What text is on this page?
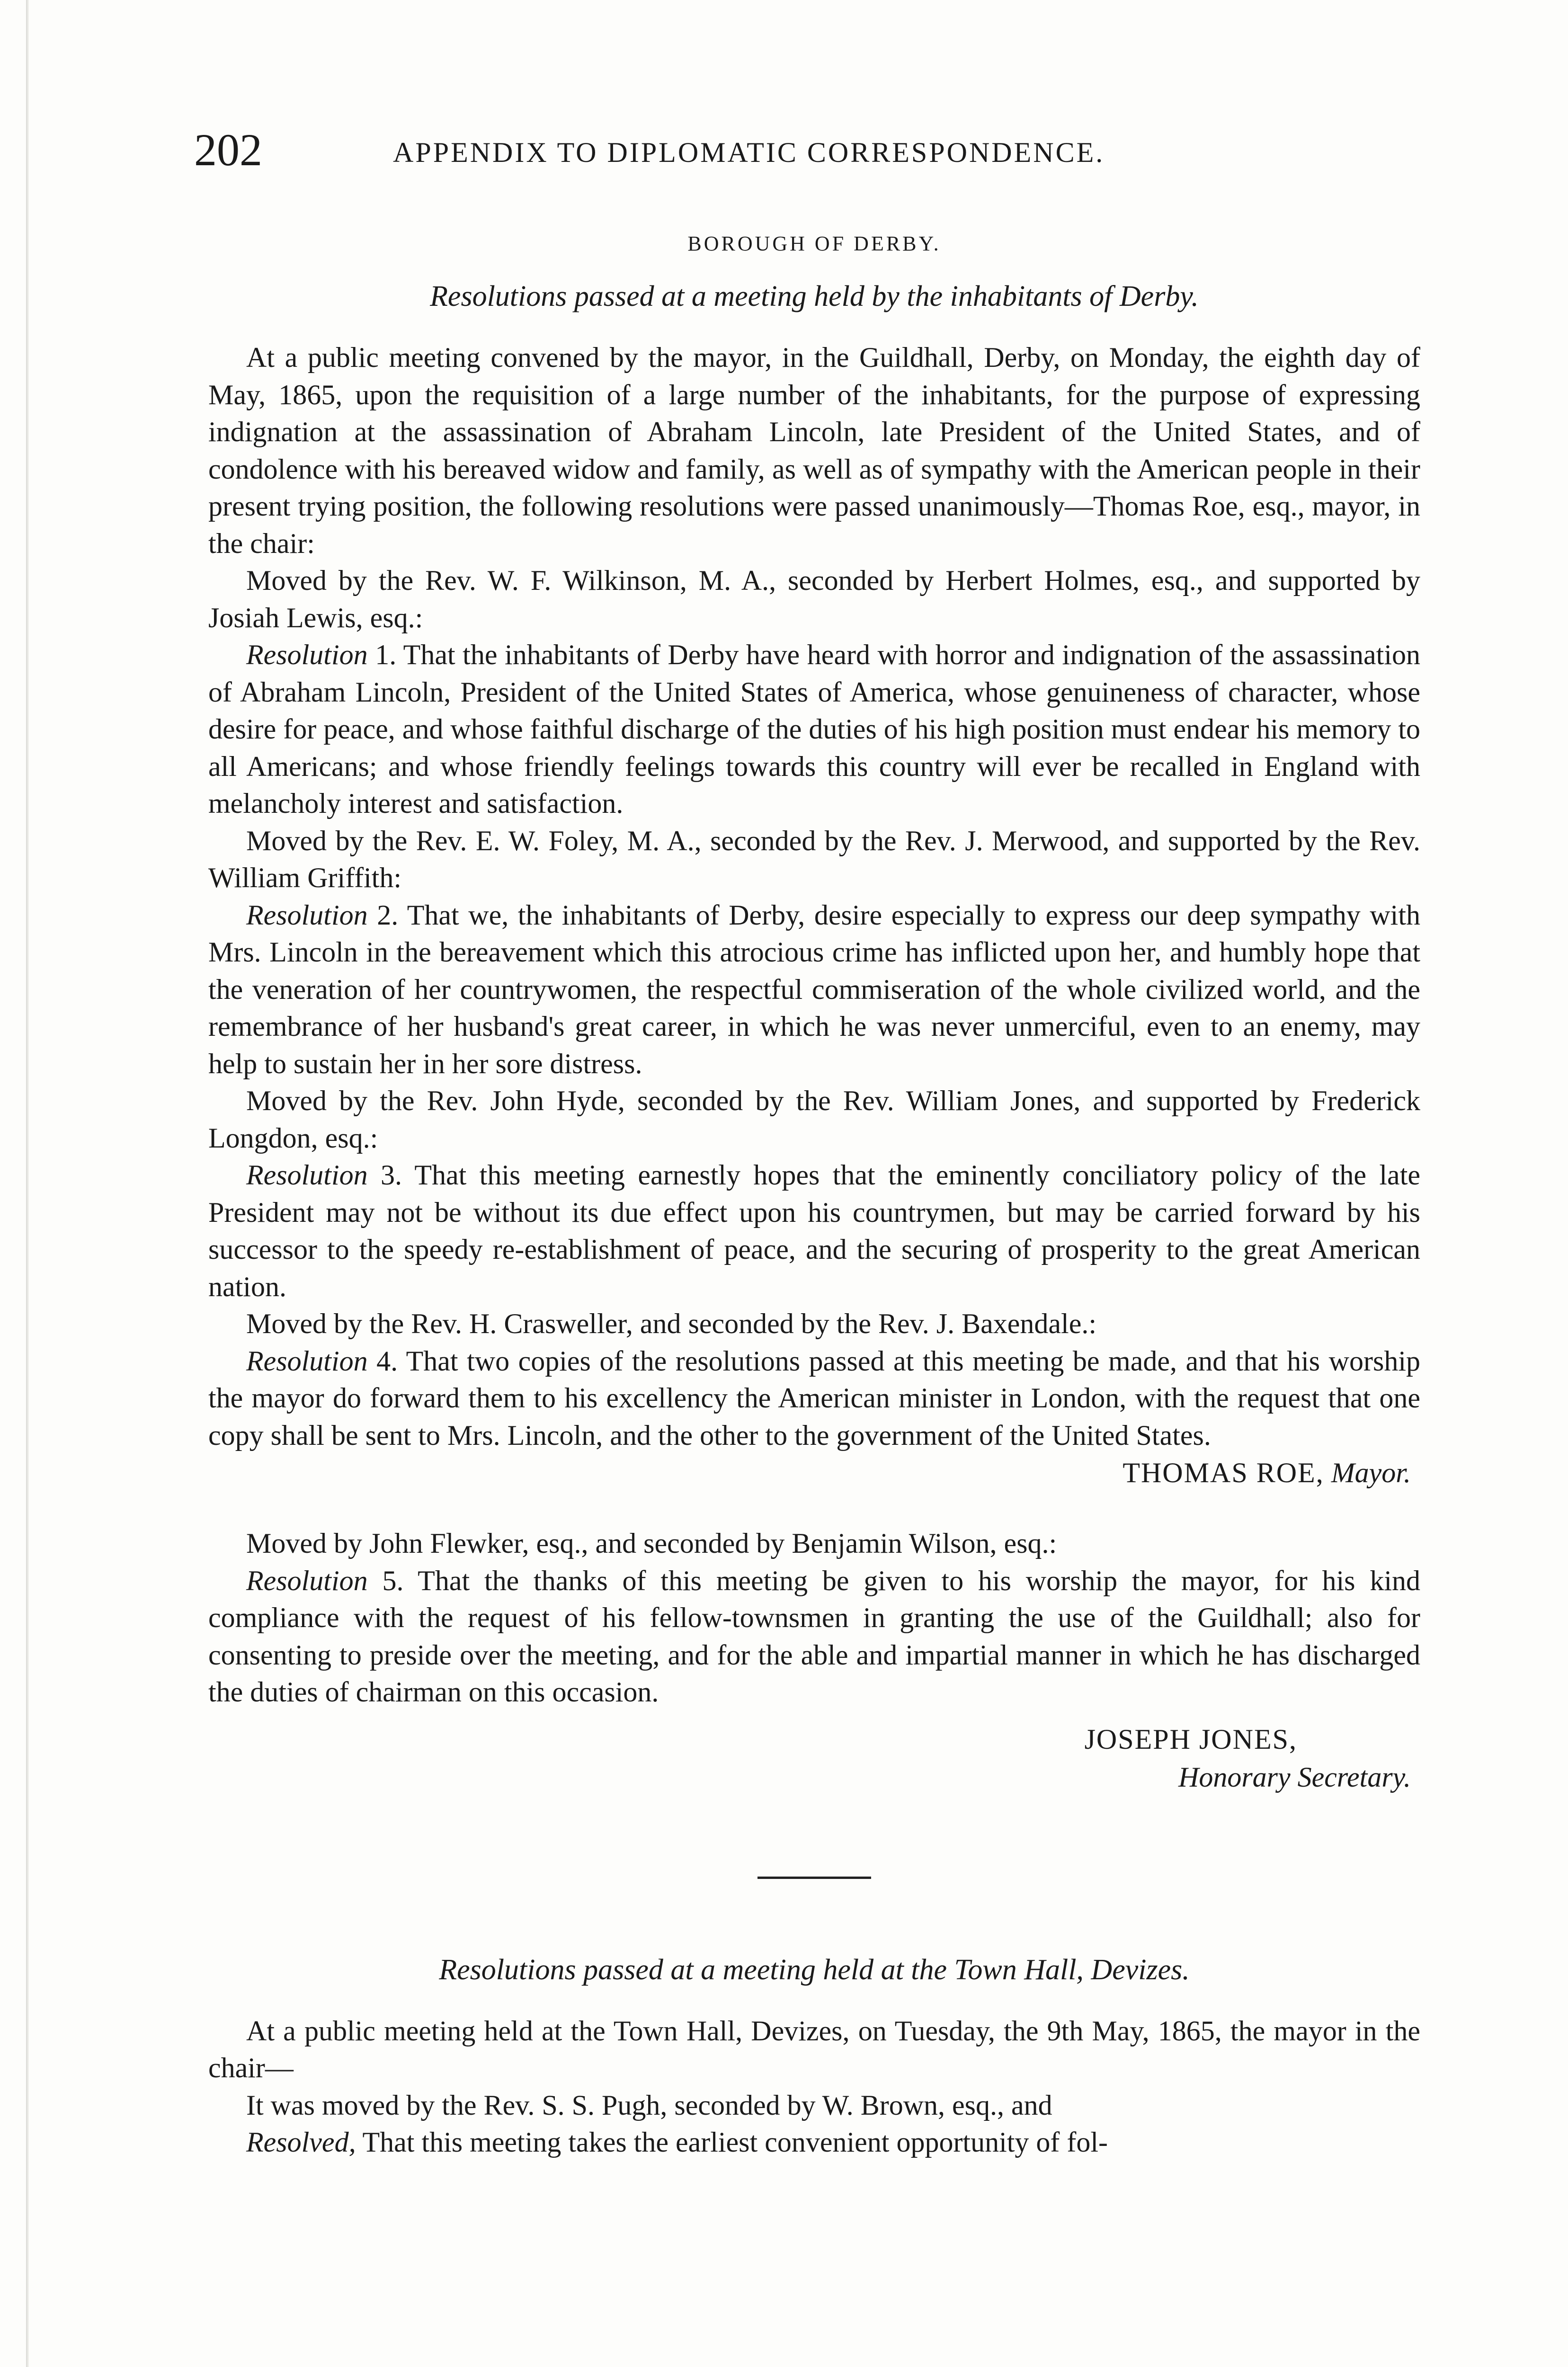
202	APPENDIX TO DIPLOMATIC CORRESPONDENCE.
BOROUGH OF DERBY.
Resolutions passed at a meeting held by the inhabitants of Derby.

At a public meeting convened by the mayor, in the Guildhall, Derby, on Monday, the eighth day of May, 1865, upon the requisition of a large number of the inhabitants, for the purpose of expressing indignation at the assassination of Abraham Lincoln, late President of the United States, and of condolence with his bereaved widow and family, as well as of sympathy with the American people in their present trying position, the following resolutions were passed unanimously—Thomas Roe, esq., mayor, in the chair:

Moved by the Rev. W. F. Wilkinson, M. A., seconded by Herbert Holmes, esq., and supported by Josiah Lewis, esq.:

Resolution 1. That the inhabitants of Derby have heard with horror and indignation of the assassination of Abraham Lincoln, President of the United States of America, whose genuineness of character, whose desire for peace, and whose faithful discharge of the duties of his high position must endear his memory to all Americans; and whose friendly feelings towards this country will ever be recalled in England with melancholy interest and satisfaction.

Moved by the Rev. E. W. Foley, M. A., seconded by the Rev. J. Merwood, and supported by the Rev. William Griffith:

Resolution 2. That we, the inhabitants of Derby, desire especially to express our deep sympathy with Mrs. Lincoln in the bereavement which this atrocious crime has inflicted upon her, and humbly hope that the veneration of her countrywomen, the respectful commiseration of the whole civilized world, and the remembrance of her husband's great career, in which he was never unmerciful, even to an enemy, may help to sustain her in her sore distress.

Moved by the Rev. John Hyde, seconded by the Rev. William Jones, and supported by Frederick Longdon, esq.:

Resolution 3. That this meeting earnestly hopes that the eminently conciliatory policy of the late President may not be without its due effect upon his countrymen, but may be carried forward by his successor to the speedy re-establishment of peace, and the securing of prosperity to the great American nation.

Moved by the Rev. H. Crasweller, and seconded by the Rev. J. Baxendale.:

Resolution 4. That two copies of the resolutions passed at this meeting be made, and that his worship the mayor do forward them to his excellency the American minister in London, with the request that one copy shall be sent to Mrs. Lincoln, and the other to the government of the United States.

THOMAS ROE, Mayor.

Moved by John Flewker, esq., and seconded by Benjamin Wilson, esq.:

Resolution 5. That the thanks of this meeting be given to his worship the mayor, for his kind compliance with the request of his fellow-townsmen in granting the use of the Guildhall; also for consenting to preside over the meeting, and for the able and impartial manner in which he has discharged the duties of chairman on this occasion.

JOSEPH JONES,

Honorary Secretary.

Resolutions passed at a meeting held at the Town Hall, Devizes.

At a public meeting held at the Town Hall, Devizes, on Tuesday, the 9th May, 1865, the mayor in the chair—

It was moved by the Rev. S. S. Pugh, seconded by W. Brown, esq., and

Resolved, That this meeting takes the earliest convenient opportunity of fol-
